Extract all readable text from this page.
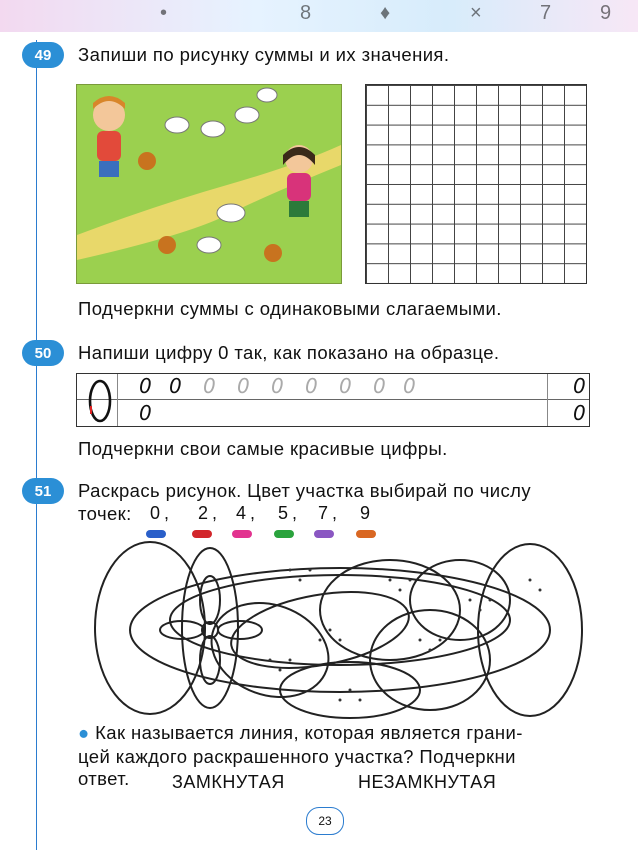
•	8	♦	×	7 9
49	Запиши по рисунку суммы и их значения.
Подчеркни суммы с одинаковыми слагаемыми.
50	Напиши цифру 0 так, как показано на образце.
0 0 0 0 0 0 0 0 0	0
0	0
Подчеркни свои самые красивые цифры.
51	Раскрась рисунок. Цвет участка выбирай по числу
точек: 0 , 2 , 4 , 5 , 7 , 9
● Как называется линия, которая является грани-
цей каждого раскрашенного участка? Подчеркни
ответ. ЗАМКНУТАЯ	НЕЗАМКНУТАЯ
23
